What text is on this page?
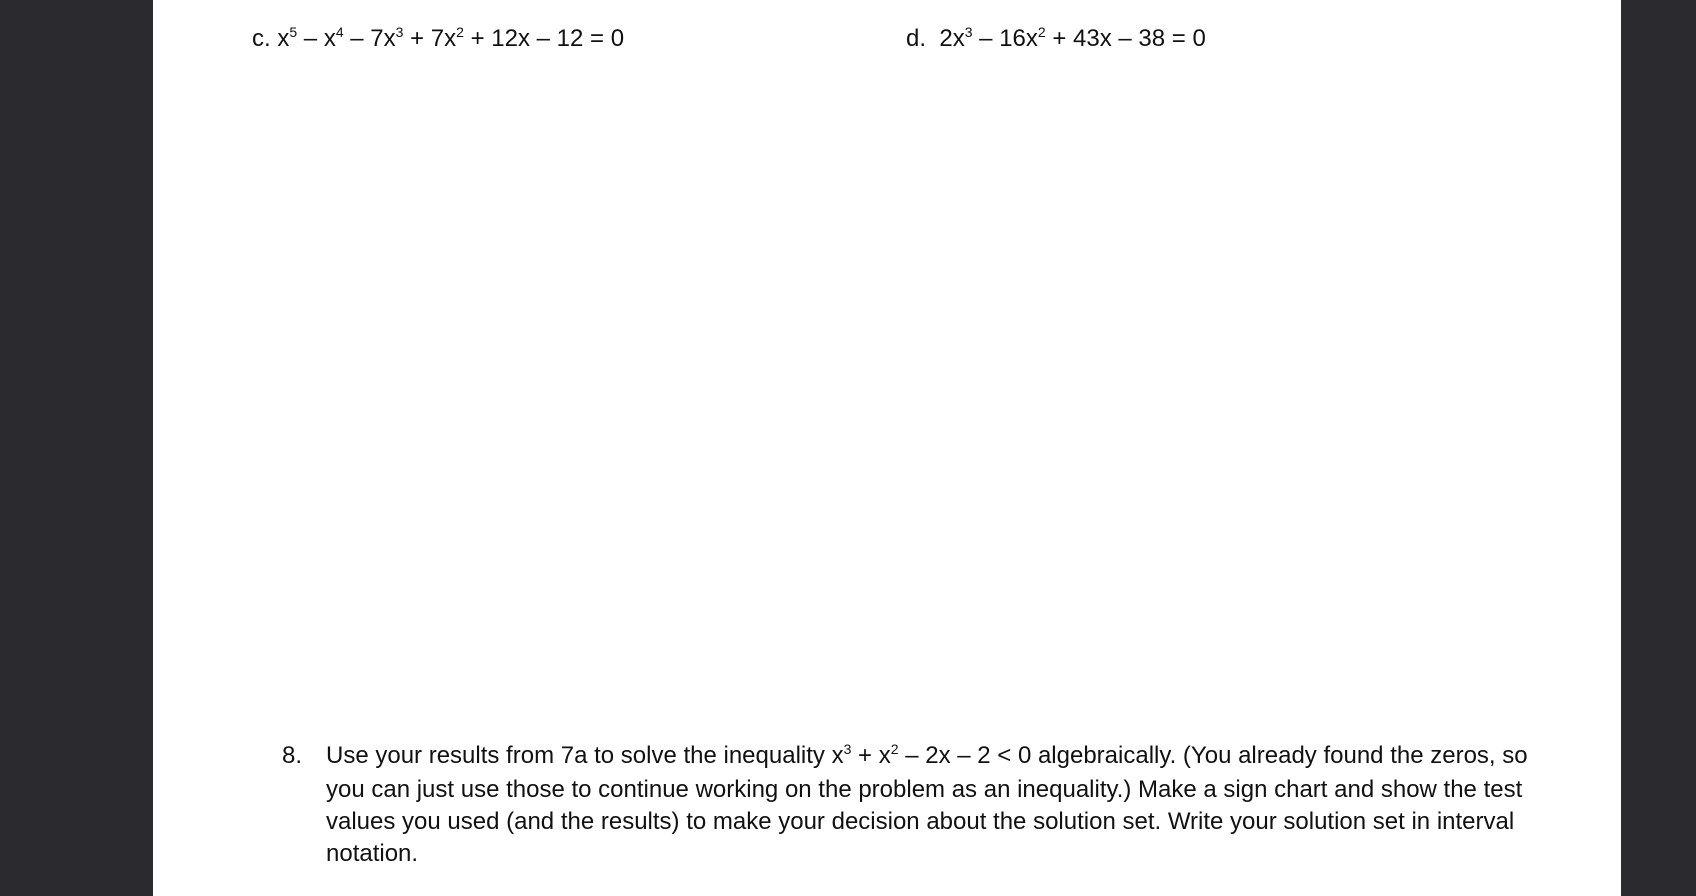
c. $x^5 - x^4 - 7x^3 + 7x^2 + 12x - 12 = 0$	d. $2x^3 - 16x^2 + 43x - 38 = 0$
8. Use your results from 7a to solve the inequality $x^3 + x^2 - 2x - 2 < 0$ algebraically. (You already found the zeros, so you can just use those to continue working on the problem as an inequality.) Make a sign chart and show the test values you used (and the results) to make your decision about the solution set. Write your solution set in interval notation.
